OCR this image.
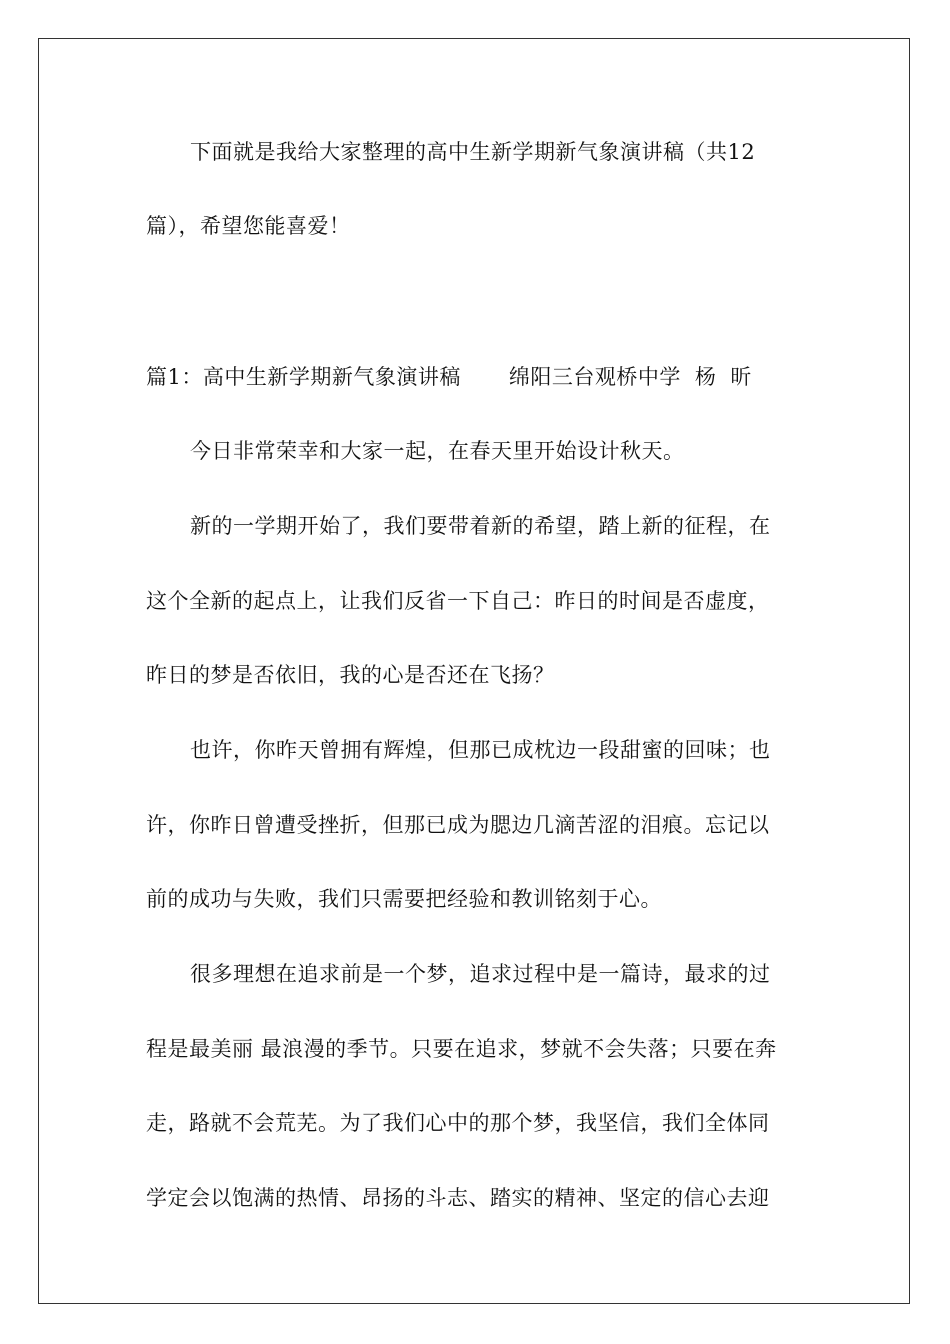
下面就是我给大家整理的高中生新学期新气象演讲稿（共12
篇），希望您能喜爱！
篇1：高中生新学期新气象演讲稿 绵阳三台观桥中学 杨 昕
今日非常荣幸和大家一起，在春天里开始设计秋天。
新的一学期开始了，我们要带着新的希望，踏上新的征程，在
这个全新的起点上，让我们反省一下自己：昨日的时间是否虚度，
昨日的梦是否依旧，我的心是否还在飞扬？
也许，你昨天曾拥有辉煌，但那已成枕边一段甜蜜的回味；也
许，你昨日曾遭受挫折，但那已成为腮边几滴苦涩的泪痕。忘记以
前的成功与失败，我们只需要把经验和教训铭刻于心。
很多理想在追求前是一个梦，追求过程中是一篇诗，最求的过
程是最美丽 最浪漫的季节。只要在追求，梦就不会失落；只要在奔
走，路就不会荒芜。为了我们心中的那个梦，我坚信，我们全体同
学定会以饱满的热情、昂扬的斗志、踏实的精神、坚定的信心去迎
